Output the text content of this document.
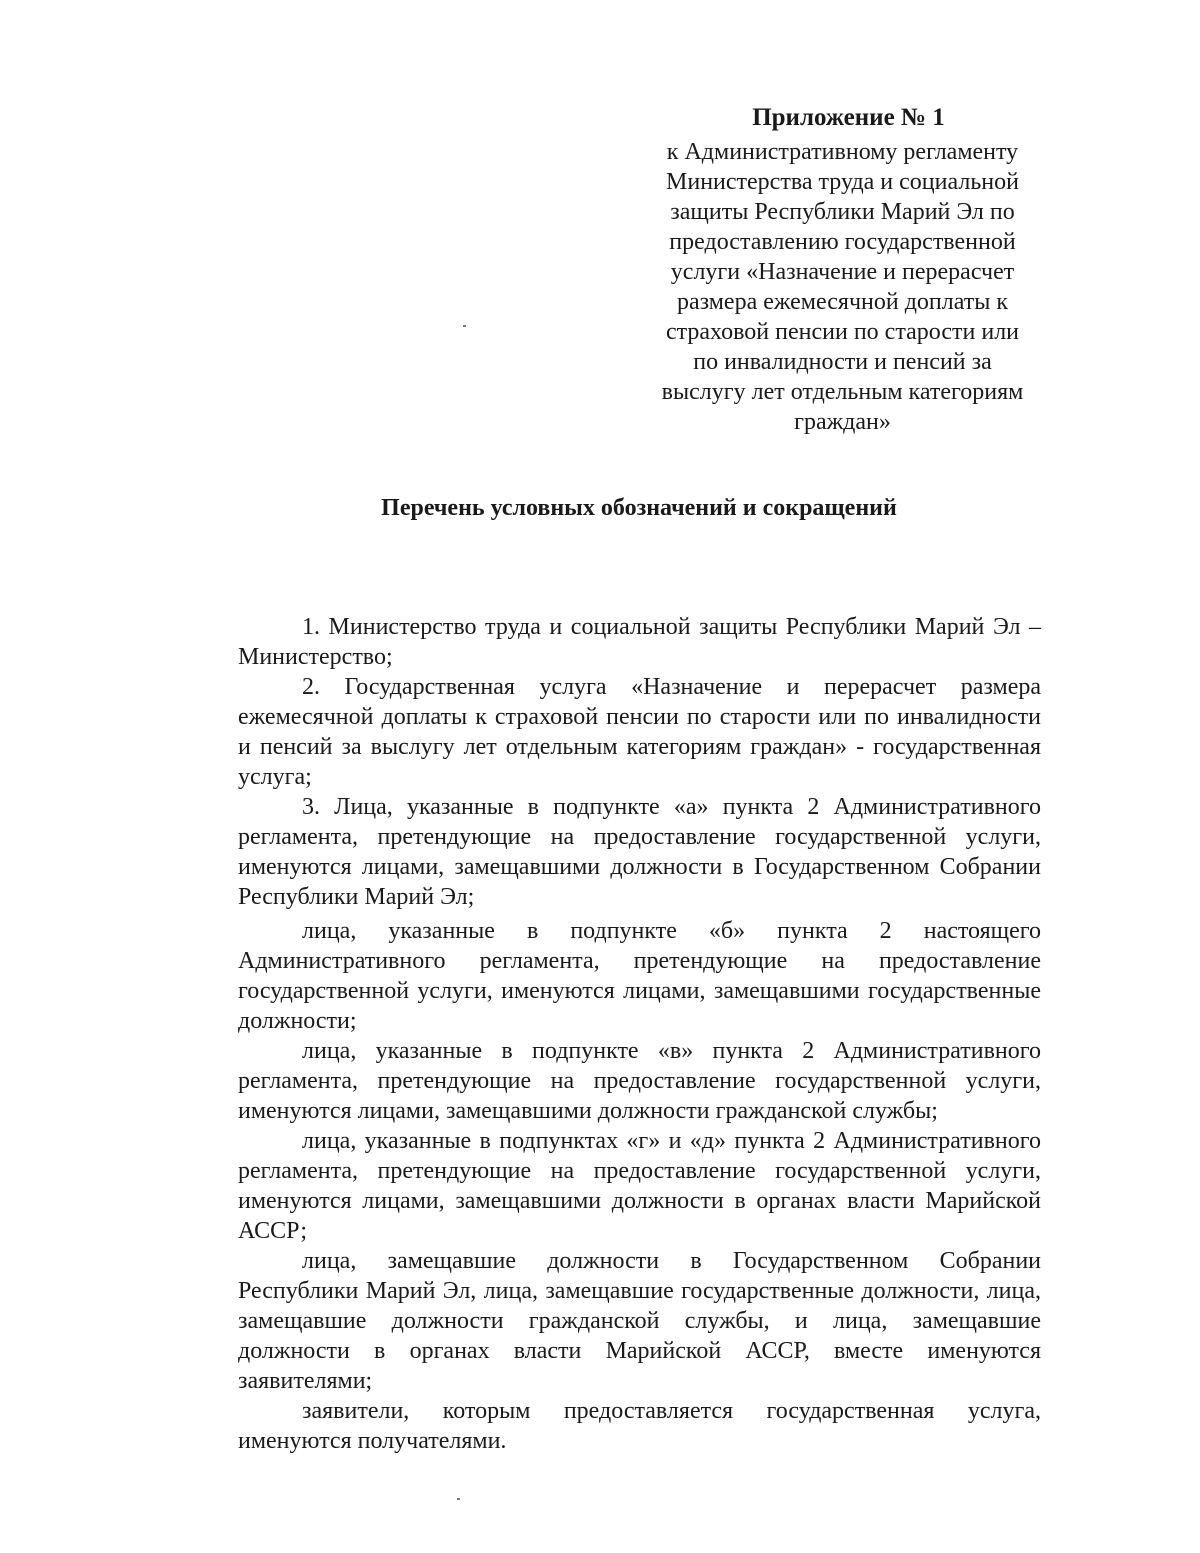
Приложение № 1
к Административному регламенту
Министерства труда и социальной
защиты Республики Марий Эл по
предоставлению государственной
услуги «Назначение и перерасчет
размера ежемесячной доплаты к
страховой пенсии по старости или
по инвалидности и пенсий за
выслугу лет отдельным категориям
граждан»
Перечень условных обозначений и сокращений

1. Министерство труда и социальной защиты Республики Марий Эл – Министерство;

2. Государственная услуга «Назначение и перерасчет размера ежемесячной доплаты к страховой пенсии по старости или по инвалидности и пенсий за выслугу лет отдельным категориям граждан» - государственная услуга;

3. Лица, указанные в подпункте «а» пункта 2 Административного регламента, претендующие на предоставление государственной услуги, именуются лицами, замещавшими должности в Государственном Собрании Республики Марий Эл;

лица, указанные в подпункте «б» пункта 2 настоящего Административного регламента, претендующие на предоставление государственной услуги, именуются лицами, замещавшими государственные должности;

лица, указанные в подпункте «в» пункта 2 Административного регламента, претендующие на предоставление государственной услуги, именуются лицами, замещавшими должности гражданской службы;

лица, указанные в подпунктах «г» и «д» пункта 2 Административного регламента, претендующие на предоставление государственной услуги, именуются лицами, замещавшими должности в органах власти Марийской АССР;

лица, замещавшие должности в Государственном Собрании Республики Марий Эл, лица, замещавшие государственные должности, лица, замещавшие должности гражданской службы, и лица, замещавшие должности в органах власти Марийской АССР, вместе именуются заявителями;

заявители, которым предоставляется государственная услуга, именуются получателями.
